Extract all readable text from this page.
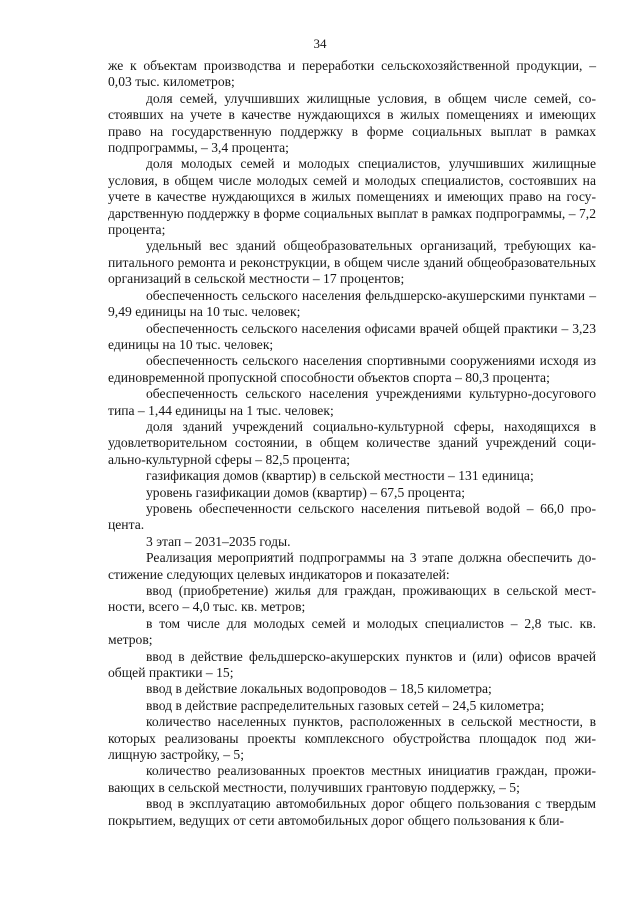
34

же к объектам производства и переработки сельскохозяйственной продукции, – 0,03 тыс. километров;

доля семей, улучшивших жилищные условия, в общем числе семей, состоявших на учете в качестве нуждающихся в жилых помещениях и имеющих право на государственную поддержку в форме социальных выплат в рамках подпрограммы, – 3,4 процента;

доля молодых семей и молодых специалистов, улучшивших жилищные условия, в общем числе молодых семей и молодых специалистов, состоявших на учете в качестве нуждающихся в жилых помещениях и имеющих право на государственную поддержку в форме социальных выплат в рамках подпрограммы, – 7,2 процента;

удельный вес зданий общеобразовательных организаций, требующих капитального ремонта и реконструкции, в общем числе зданий общеобразовательных организаций в сельской местности – 17 процентов;

обеспеченность сельского населения фельдшерско-акушерскими пунктами – 9,49 единицы на 10 тыс. человек;

обеспеченность сельского населения офисами врачей общей практики – 3,23 единицы на 10 тыс. человек;

обеспеченность сельского населения спортивными сооружениями исходя из единовременной пропускной способности объектов спорта – 80,3 процента;

обеспеченность сельского населения учреждениями культурно-досугового типа – 1,44 единицы на 1 тыс. человек;

доля зданий учреждений социально-культурной сферы, находящихся в удовлетворительном состоянии, в общем количестве зданий учреждений социально-культурной сферы – 82,5 процента;

газификация домов (квартир) в сельской местности – 131 единица;

уровень газификации домов (квартир) – 67,5 процента;

уровень обеспеченности сельского населения питьевой водой – 66,0 процента.

3 этап – 2031–2035 годы.

Реализация мероприятий подпрограммы на 3 этапе должна обеспечить достижение следующих целевых индикаторов и показателей:

ввод (приобретение) жилья для граждан, проживающих в сельской местности, всего – 4,0 тыс. кв. метров;

в том числе для молодых семей и молодых специалистов – 2,8 тыс. кв. метров;

ввод в действие фельдшерско-акушерских пунктов и (или) офисов врачей общей практики – 15;

ввод в действие локальных водопроводов – 18,5 километра;

ввод в действие распределительных газовых сетей – 24,5 километра;

количество населенных пунктов, расположенных в сельской местности, в которых реализованы проекты комплексного обустройства площадок под жилищную застройку, – 5;

количество реализованных проектов местных инициатив граждан, проживающих в сельской местности, получивших грантовую поддержку, – 5;

ввод в эксплуатацию автомобильных дорог общего пользования с твердым покрытием, ведущих от сети автомобильных дорог общего пользования к бли-
